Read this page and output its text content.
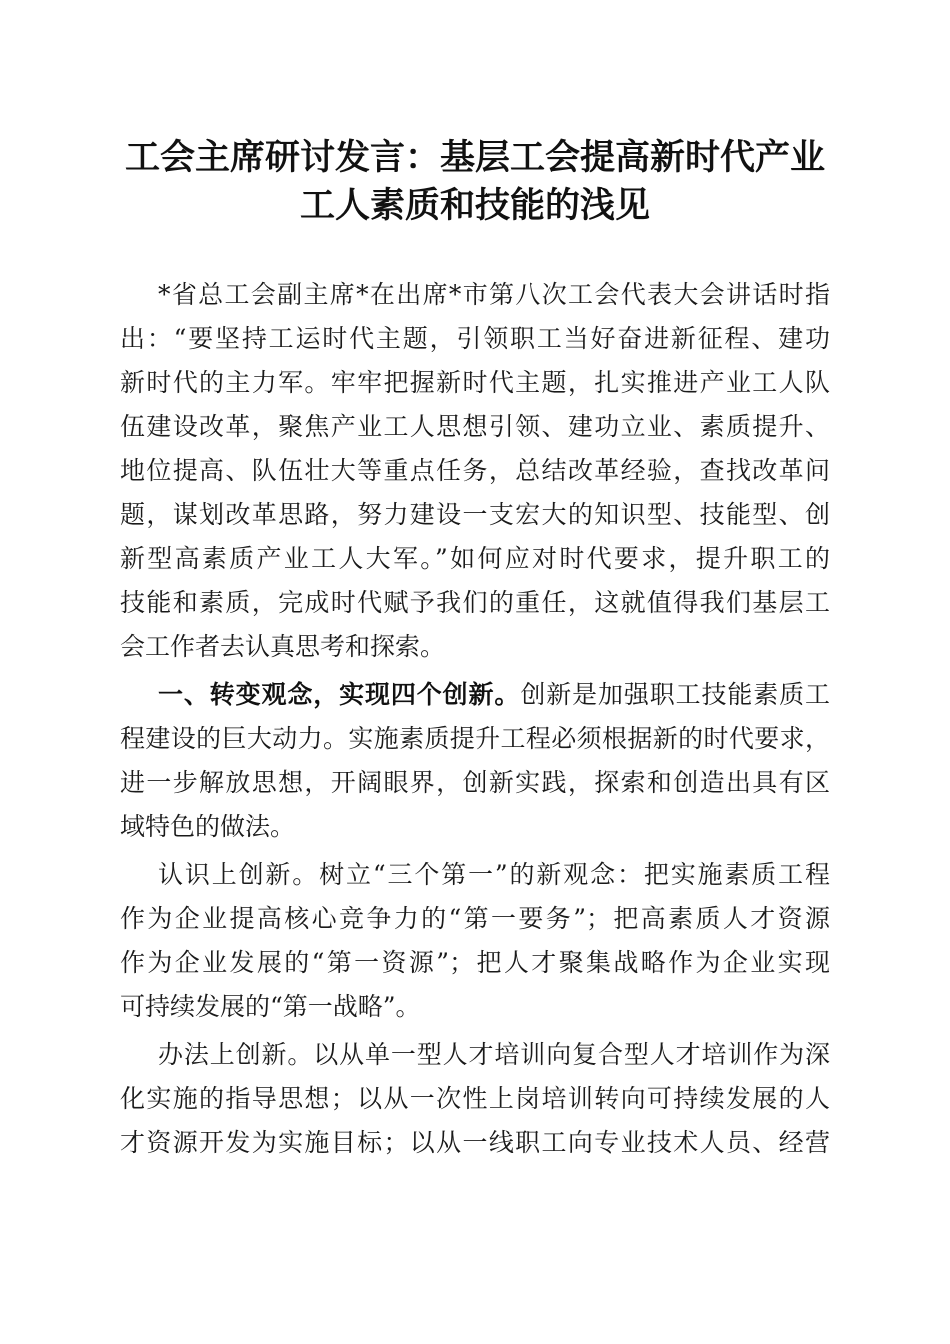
工会主席研讨发言：基层工会提高新时代产业
工人素质和技能的浅见
*省总工会副主席*在出席*市第八次工会代表大会讲话时指
出：“要坚持工运时代主题，引领职工当好奋进新征程、建功
新时代的主力军。牢牢把握新时代主题，扎实推进产业工人队
伍建设改革，聚焦产业工人思想引领、建功立业、素质提升、
地位提高、队伍壮大等重点任务，总结改革经验，查找改革问
题，谋划改革思路，努力建设一支宏大的知识型、技能型、创
新型高素质产业工人大军。”如何应对时代要求，提升职工的
技能和素质，完成时代赋予我们的重任，这就值得我们基层工
会工作者去认真思考和探索。
一、转变观念，实现四个创新。创新是加强职工技能素质工
程建设的巨大动力。实施素质提升工程必须根据新的时代要求，
进一步解放思想，开阔眼界，创新实践，探索和创造出具有区
域特色的做法。
认识上创新。树立“三个第一”的新观念：把实施素质工程
作为企业提高核心竞争力的“第一要务”；把高素质人才资源
作为企业发展的“第一资源”；把人才聚集战略作为企业实现
可持续发展的“第一战略”。
办法上创新。以从单一型人才培训向复合型人才培训作为深
化实施的指导思想；以从一次性上岗培训转向可持续发展的人
才资源开发为实施目标；以从一线职工向专业技术人员、经营
